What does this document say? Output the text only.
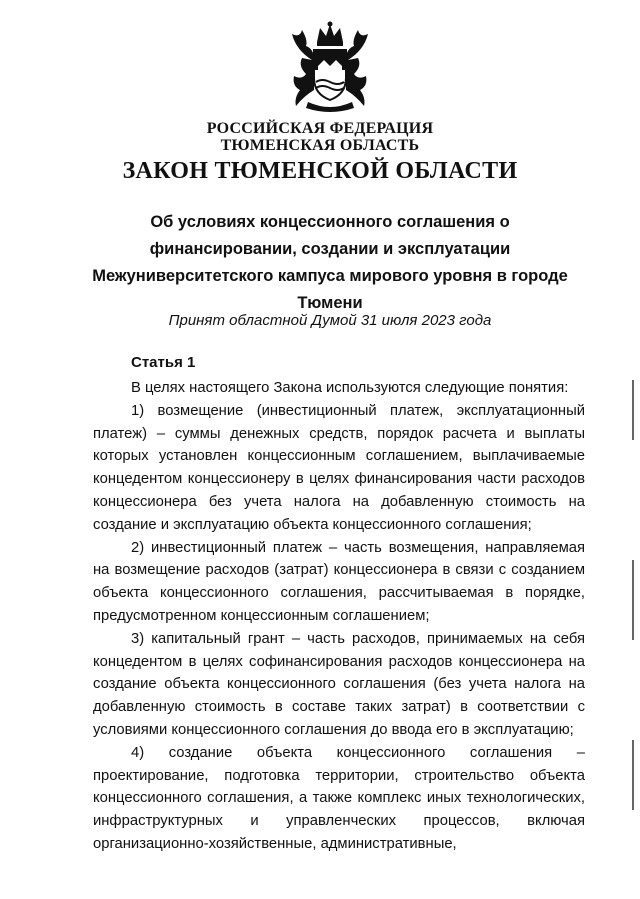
РОССИЙСКАЯ ФЕДЕРАЦИЯ
ТЮМЕНСКАЯ ОБЛАСТЬ
ЗАКОН ТЮМЕНСКОЙ ОБЛАСТИ
Об условиях концессионного соглашения о финансировании, создании и эксплуатации Межуниверситетского кампуса мирового уровня в городе Тюмени
Принят областной Думой 31 июля 2023 года
Статья 1

В целях настоящего Закона используются следующие понятия:

1) возмещение (инвестиционный платеж, эксплуатационный платеж) – суммы денежных средств, порядок расчета и выплаты которых установлен концессионным соглашением, выплачиваемые концедентом концессионеру в целях финансирования части расходов концессионера без учета налога на добавленную стоимость на создание и эксплуатацию объекта концессионного соглашения;

2) инвестиционный платеж – часть возмещения, направляемая на возмещение расходов (затрат) концессионера в связи с созданием объекта концессионного соглашения, рассчитываемая в порядке, предусмотренном концессионным соглашением;

3) капитальный грант – часть расходов, принимаемых на себя концедентом в целях софинансирования расходов концессионера на создание объекта концессионного соглашения (без учета налога на добавленную стоимость в составе таких затрат) в соответствии с условиями концессионного соглашения до ввода его в эксплуатацию;

4) создание объекта концессионного соглашения – проектирование, подготовка территории, строительство объекта концессионного соглашения, а также комплекс иных технологических, инфраструктурных и управленческих процессов, включая организационно-хозяйственные, административные,
